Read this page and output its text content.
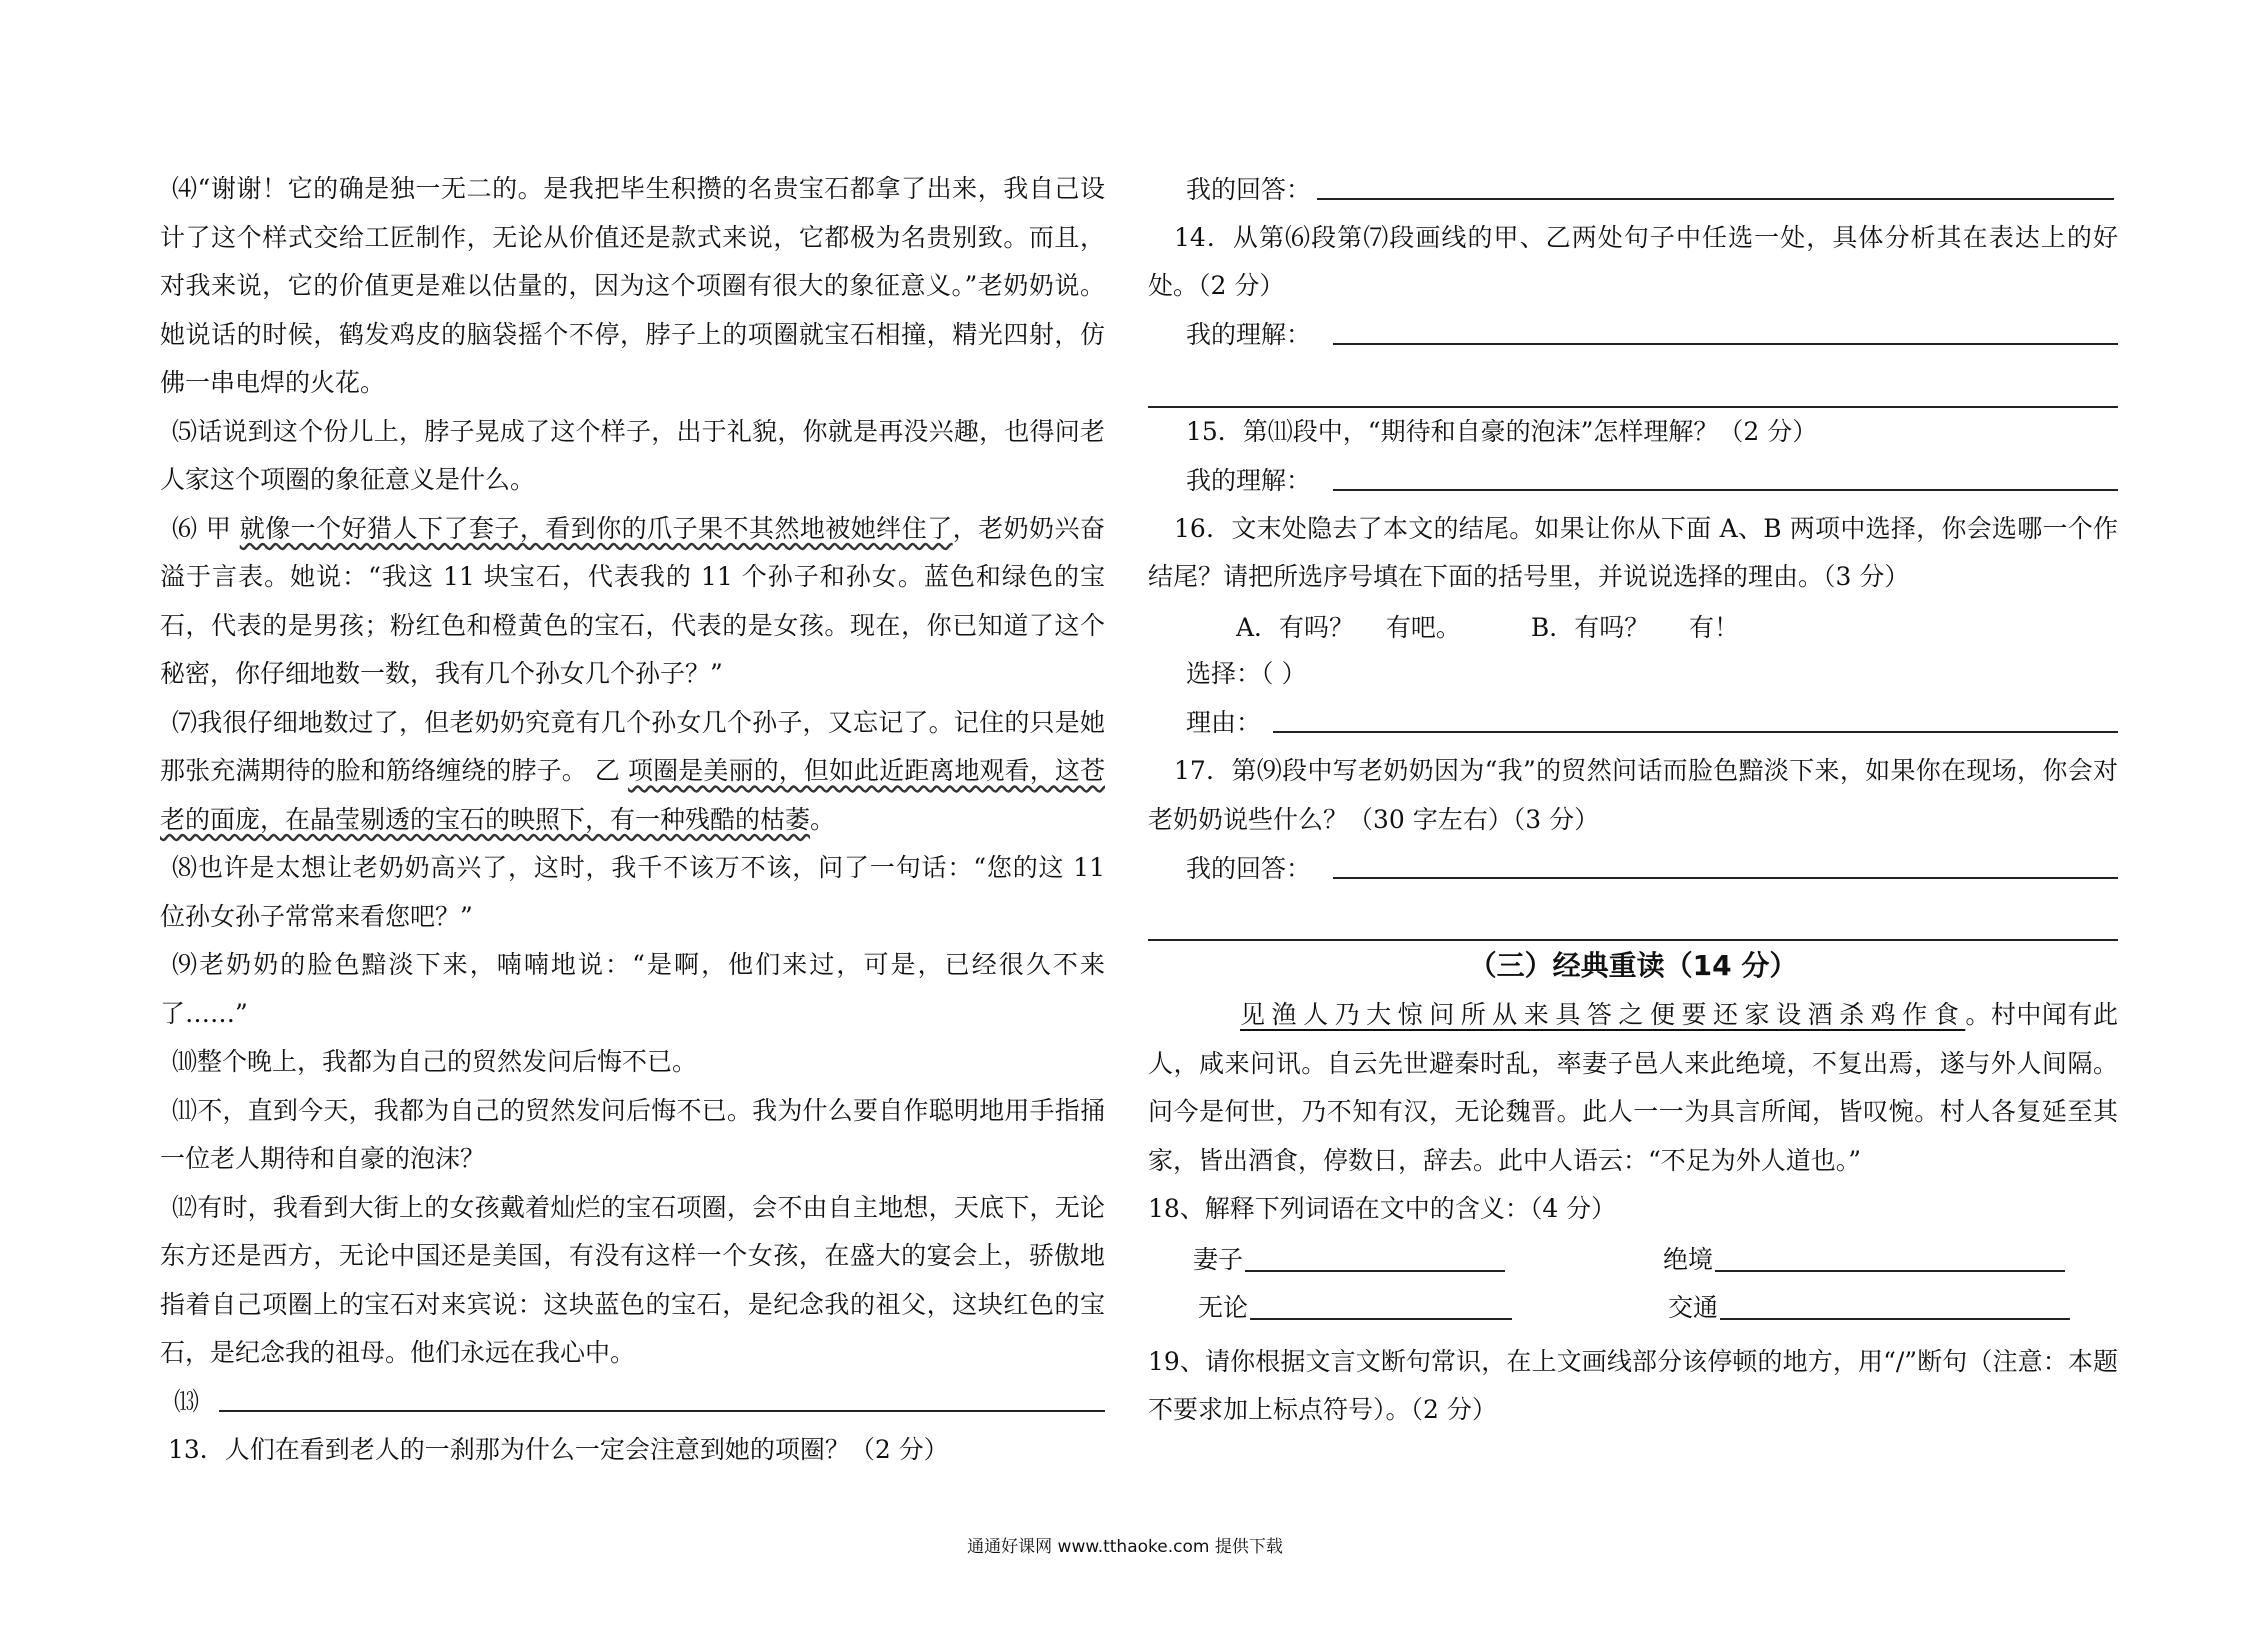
⑷“谢谢！它的确是独一无二的。是我把毕生积攒的名贵宝石都拿了出来，我自己设计了这个样式交给工匠制作，无论从价值还是款式来说，它都极为名贵别致。而且，对我来说，它的价值更是难以估量的，因为这个项圈有很大的象征意义。”老奶奶说。她说话的时候，鹤发鸡皮的脑袋摇个不停，脖子上的项圈就宝石相撞，精光四射，仿佛一串电焊的火花。

⑸话说到这个份儿上，脖子晃成了这个样子，出于礼貌，你就是再没兴趣，也得问老人家这个项圈的象征意义是什么。

⑹ 甲 就像一个好猎人下了套子，看到你的爪子果不其然地被她绊住了，老奶奶兴奋溢于言表。她说：“我这 11 块宝石，代表我的 11 个孙子和孙女。蓝色和绿色的宝石，代表的是男孩；粉红色和橙黄色的宝石，代表的是女孩。现在，你已知道了这个秘密，你仔细地数一数，我有几个孙女几个孙子？”

⑺我很仔细地数过了，但老奶奶究竟有几个孙女几个孙子，又忘记了。记住的只是她那张充满期待的脸和筋络缠绕的脖子。 乙 项圈是美丽的，但如此近距离地观看，这苍老的面庞，在晶莹剔透的宝石的映照下，有一种残酷的枯萎。

⑻也许是太想让老奶奶高兴了，这时，我千不该万不该，问了一句话：“您的这 11 位孙女孙子常常来看您吧？”

⑼老奶奶的脸色黯淡下来，喃喃地说：“是啊，他们来过，可是，已经很久不来了……”

⑽整个晚上，我都为自己的贸然发问后悔不已。

⑾不，直到今天，我都为自己的贸然发问后悔不已。我为什么要自作聪明地用手指捅一位老人期待和自豪的泡沫？

⑿有时，我看到大街上的女孩戴着灿烂的宝石项圈，会不由自主地想，天底下，无论东方还是西方，无论中国还是美国，有没有这样一个女孩，在盛大的宴会上，骄傲地指着自己项圈上的宝石对来宾说：这块蓝色的宝石，是纪念我的祖父，这块红色的宝石，是纪念我的祖母。他们永远在我心中。

⒀

13．人们在看到老人的一刹那为什么一定会注意到她的项圈？（2 分）

我的回答：

14．从第⑹段第⑺段画线的甲、乙两处句子中任选一处，具体分析其在表达上的好处。（2 分）

我的理解：

15．第⑾段中，“期待和自豪的泡沫”怎样理解？（2 分）

我的理解：

16．文末处隐去了本文的结尾。如果让你从下面 A、B 两项中选择，你会选哪一个作结尾？请把所选序号填在下面的括号里，并说说选择的理由。（3 分）

A．有吗？    有吧。	B．有吗？     有！

选择：（ ）

理由：

17．第⑼段中写老奶奶因为“我”的贸然问话而脸色黯淡下来，如果你在现场，你会对老奶奶说些什么？（30 字左右）（3 分）

我的回答：
（三）经典重读（14 分）

见渔人乃大惊问所从来具答之便要还家设酒杀鸡作食。村中闻有此人，咸来问讯。自云先世避秦时乱，率妻子邑人来此绝境，不复出焉，遂与外人间隔。问今是何世，乃不知有汉，无论魏晋。此人一一为具言所闻，皆叹惋。村人各复延至其家，皆出酒食，停数日，辞去。此中人语云：“不足为外人道也。”

18、解释下列词语在文中的含义：（4 分）

妻子	绝境
无论	交通

19、请你根据文言文断句常识，在上文画线部分该停顿的地方，用“/”断句（注意：本题不要求加上标点符号）。（2 分）

通通好课网 www.tthaoke.com 提供下载
